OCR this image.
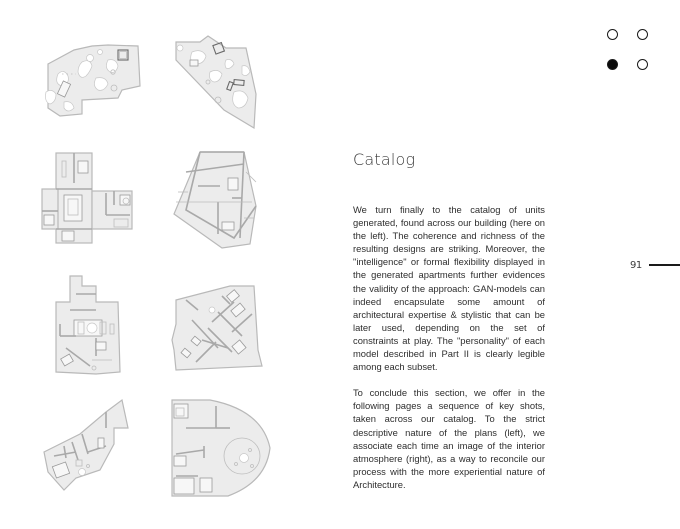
91
Catalog

We turn finally to the catalog of units generated, found across our building (here on the left). The coherence and richness of the resulting designs are striking. Moreover, the "intelligence" or formal flexibility displayed in the generated apartments further evidences the validity of the approach: GAN-models can indeed encapsulate some amount of architectural expertise & stylistic that can be later used, depending on the set of constraints at play. The "personality" of each model described in Part II is clearly legible among each subset.

To conclude this section, we offer in the following pages a sequence of key shots, taken across our catalog. To the strict descriptive nature of the plans (left), we associate each time an image of the interior atmosphere (right), as a way to reconcile our process with the more experiential nature of Architecture.
